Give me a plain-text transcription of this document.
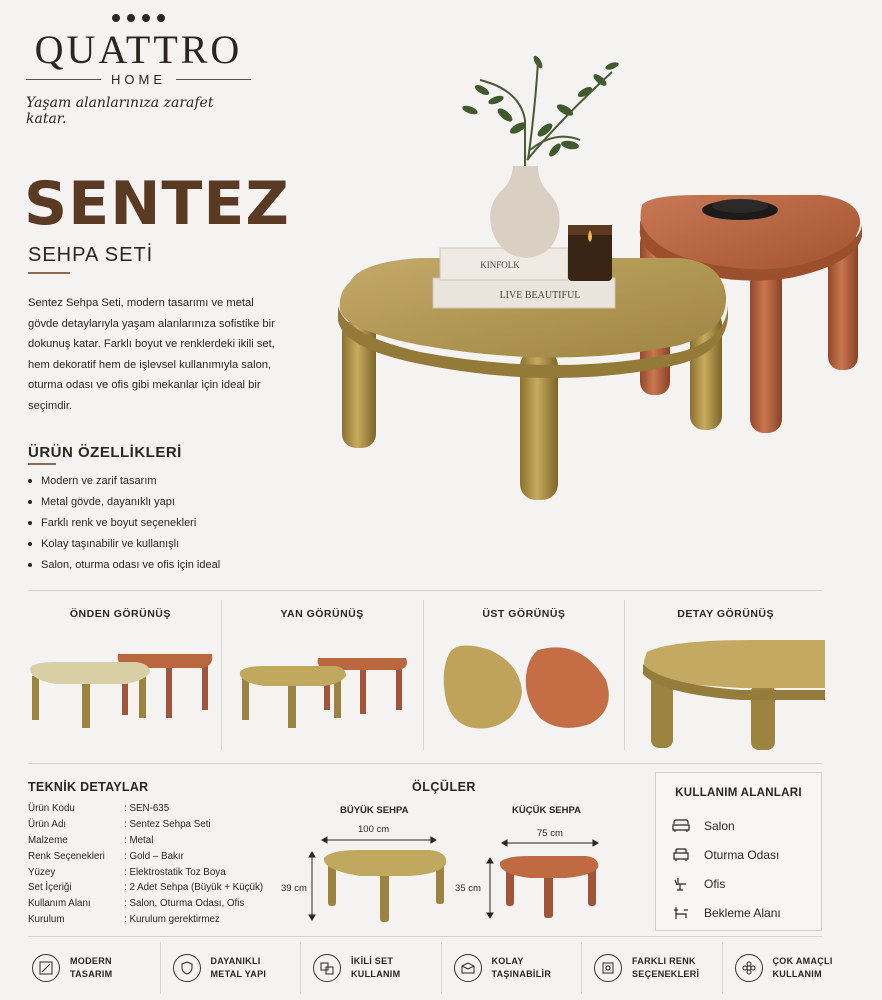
QUATTRO
HOME
Yaşam alanlarınıza zarafet katar.
SENTEZ
SEHPA SETİ
Sentez Sehpa Seti, modern tasarımı ve metal gövde detaylarıyla yaşam alanlarınıza sofistike bir dokunuş katar. Farklı boyut ve renklerdeki ikili set, hem dekoratif hem de işlevsel kullanımıyla salon, oturma odası ve ofis gibi mekanlar için ideal bir seçimdir.
ÜRÜN ÖZELLİKLERİ
Modern ve zarif tasarım
Metal gövde, dayanıklı yapı
Farklı renk ve boyut seçenekleri
Kolay taşınabilir ve kullanışlı
Salon, oturma odası ve ofis için ideal
KINFOLK
LIVE BEAUTIFUL
ÖNDEN GÖRÜNÜŞ	YAN GÖRÜNÜŞ	ÜST GÖRÜNÜŞ	DETAY GÖRÜNÜŞ
TEKNİK DETAYLAR
Ürün Kodu	: SEN-635
Ürün Adı	: Sentez Sehpa Seti
Malzeme	: Metal
Renk Seçenekleri	: Gold – Bakır
Yüzey	: Elektrostatik Toz Boya
Set İçeriği	: 2 Adet Sehpa (Büyük + Küçük)
Kullanım Alanı	: Salon, Oturma Odası, Ofis
Kurulum	: Kurulum gerektirmez
ÖLÇÜLER
BÜYÜK SEHPA	KÜÇÜK SEHPA
100 cm	75 cm
39 cm	35 cm
KULLANIM ALANLARI
Salon
Oturma Odası
Ofis
Bekleme Alanı
MODERN
TASARIM
DAYANIKLI
METAL YAPI
İKİLİ SET
KULLANIM
KOLAY
TAŞINABİLİR
FARKLI RENK
SEÇENEKLERİ
ÇOK AMAÇLI
KULLANIM
